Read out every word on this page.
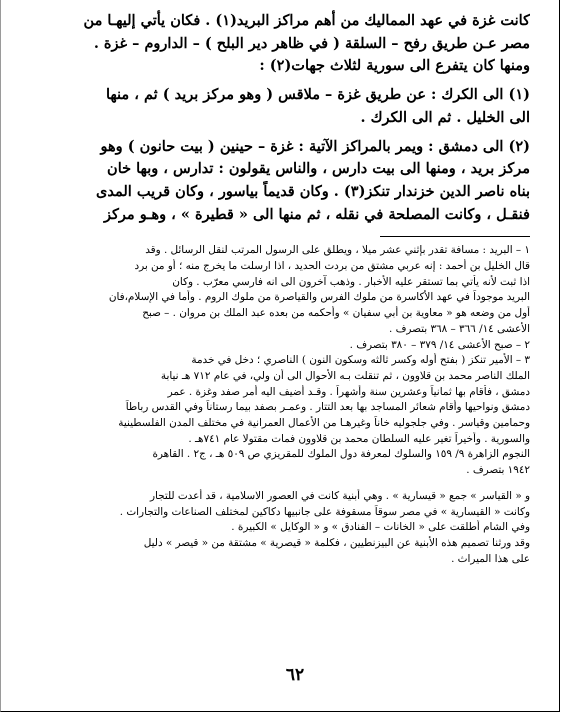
كانت غزة في عهد المماليك من أهم مراكز البريد(١) . فكان يأتي إليهـا من
مصر عـن طريق رفح – السلقة ( في ظاهر دير البلح ) – الداروم – غزة .
ومنها كان يتفرع الى سورية لثلاث جهات(٢) :
(١) الى الكرك : عن طريق غزة – ملاقس ( وهو مركز بريد ) ثم ، منها
الى الخليل . ثم الى الكرك .
(٢) الى دمشق : ويمر بالمراكز الآتية : غزة – حينين ( بيت حانون ) وهو
مركز بريد ، ومنها الى بيت دارس ، والناس يقولون : تدارس ، وبها خان
بناه ناصر الدين خزندار تنكز(٣) . وكان قديماً بياسور ، وكان قريب المدى
فنقـل ، وكانت المصلحة في نقله ، ثم منها الى « قطيرة » ، وهـو مركز
١ – البريد : مسافة تقدر بإثني عشر ميلا ، ويطلق على الرسول المرتب لنقل الرسائل . وقد
قال الخليل بن أحمد : إنه عربي مشتق من بردت الحديد ، اذا ارسلت ما يخرج منه ؛ أو من برد
اذا ثبت لأنه يأتي بما تستقر عليه الأخبار . وذهب آخرون الى انه فارسي معرّب . وكان
البريد موجوداً في عهد الأكاسرة من ملوك الفرس والقياصرة من ملوك الروم . وأما في الإسلام،فان
أول من وضعه هو « معاوية بن أبي سفيان » وأحكمه من بعده عبد الملك بن مروان . – صبح
الأعشى ١٤/ ٣٦٦ – ٣٦٨ بتصرف .
٢ – صبح الأعشى ١٤/ ٣٧٩ – ٣٨٠ بتصرف .
٣ – الأمير تنكز ( بفتح أوله وكسر ثالثه وسكون النون ) الناصري ؛ دخل في خدمة
الملك الناصر محمد بن قلاوون ، ثم تنقلت بـه الأحوال الى أن ولي، في عام ٧١٢ هـ نيابة
دمشق ، فأقام بها ثمانياً وعشرين سنة وأشهراً . وقـد أضيف اليه أمر صفد وغزة . عمر
دمشق ونواحيها وأقام شعائر المساجد بها بعد التتار . وعمـر بصفد بيما رستاناً وفي القدس رباطاً
وحمامين وقياسر . وفي جلجوليه خاناً وغيرهـا من الأعمال العمرانية في مختلف المدن الفلسطينية
والسورية . وأخيراً تغير عليه السلطان محمد بن قلاوون فمات مقتولا عام ٧٤١هـ .
النجوم الزاهرة ٩/ ١٥٩ والسلوك لمعرفة دول الملوك للمقريزي ص ٥٠٩ هـ ، ج٢ . القاهرة
١٩٤٢ بتصرف .
و « القياسر » جمع « قيسارية » . وهي أبنية كانت في العصور الاسلامية ، قد أعدت للتجار
وكانت « القيسارية » في مصر سوقاً مسقوفة على جانبيها دكاكين لمختلف الصناعات والتجارات .
وفي الشام أطلقت على « الخانات – الفنادق » و « الوكايل » الكبيرة .
وقد ورثنا تصميم هذه الأبنية عن البيزنطيين ، فكلمة « قيصرية » مشتقة من « قيصر » دليل
على هذا الميراث .
٦٢
